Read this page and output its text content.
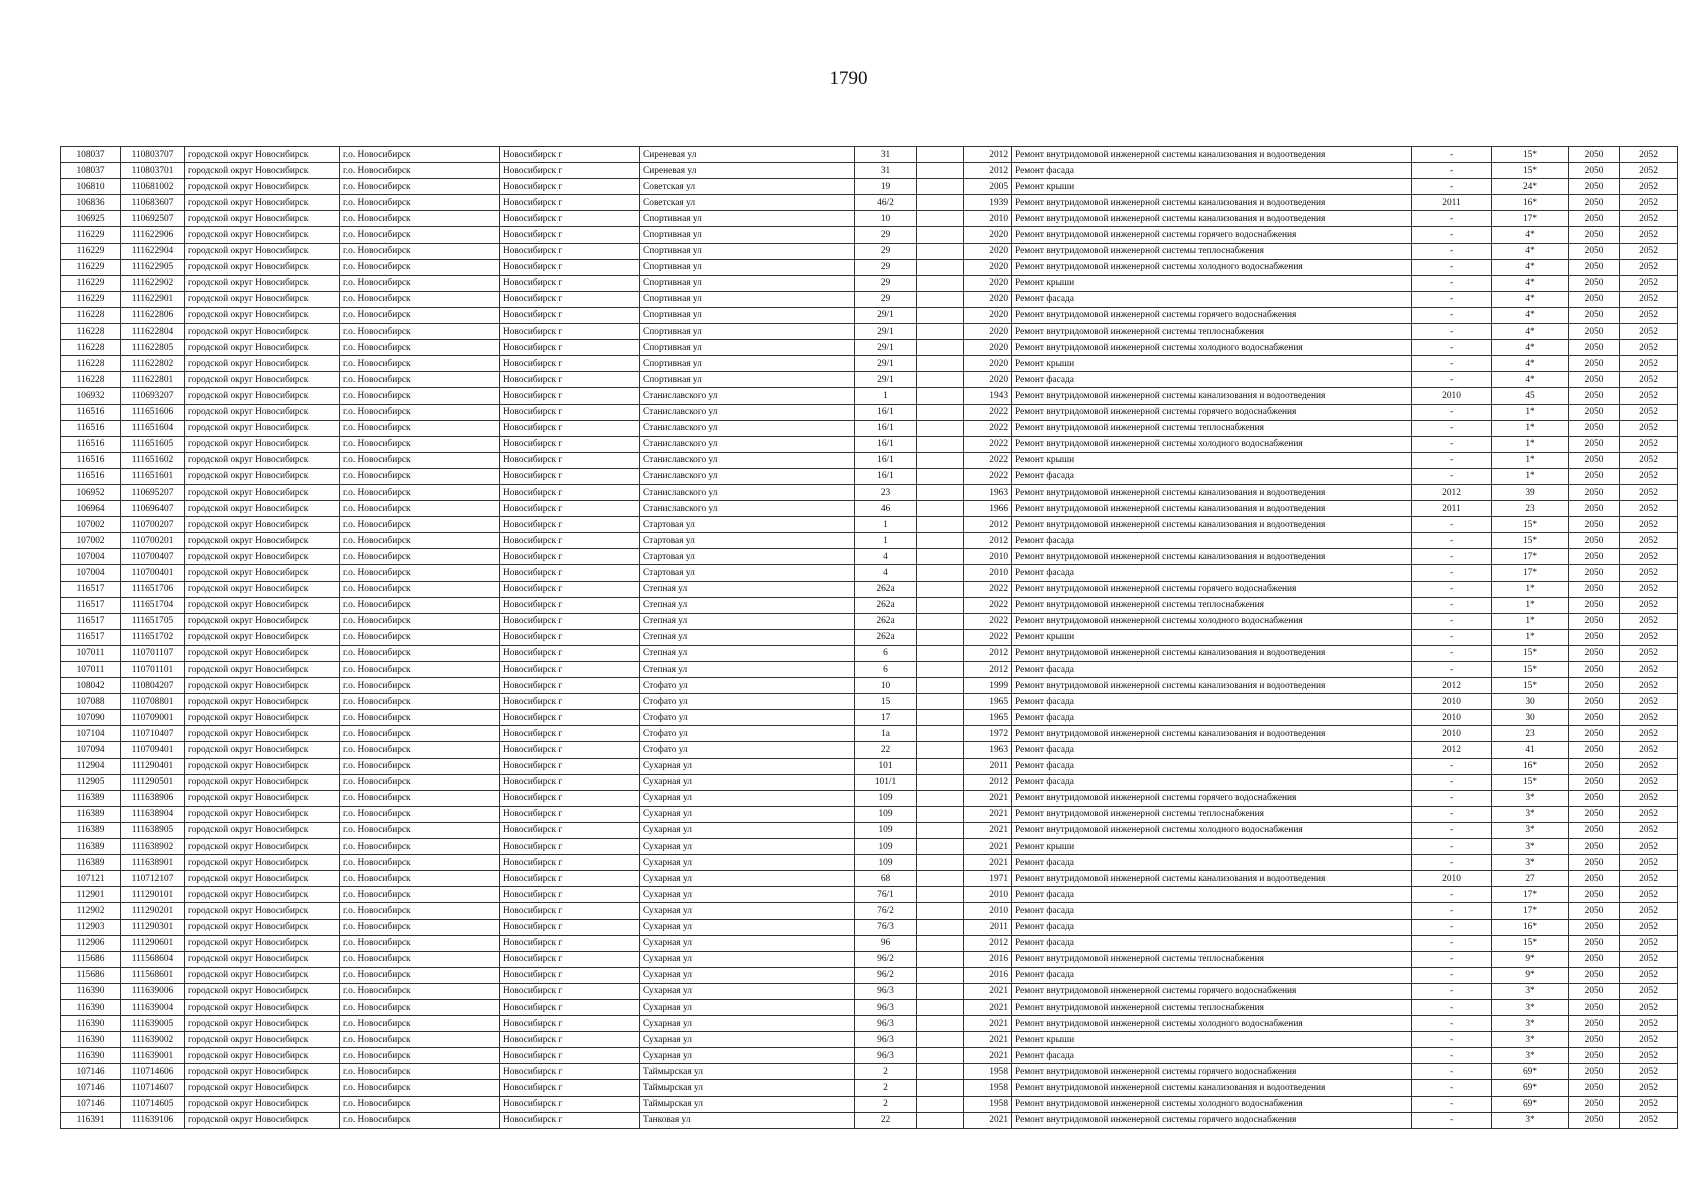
1790
108037	110803707	городской округ Новосибирск	г.о. Новосибирск	Новосибирск г	Сиреневая ул	31		2012	Ремонт внутридомовой инженерной системы канализования и водоотведения	-	15*	2050	2052
108037	110803701	городской округ Новосибирск	г.о. Новосибирск	Новосибирск г	Сиреневая ул	31		2012	Ремонт фасада	-	15*	2050	2052
106810	110681002	городской округ Новосибирск	г.о. Новосибирск	Новосибирск г	Советская ул	19		2005	Ремонт крыши	-	24*	2050	2052
106836	110683607	городской округ Новосибирск	г.о. Новосибирск	Новосибирск г	Советская ул	46/2		1939	Ремонт внутридомовой инженерной системы канализования и водоотведения	2011	16*	2050	2052
106925	110692507	городской округ Новосибирск	г.о. Новосибирск	Новосибирск г	Спортивная ул	10		2010	Ремонт внутридомовой инженерной системы канализования и водоотведения	-	17*	2050	2052
116229	111622906	городской округ Новосибирск	г.о. Новосибирск	Новосибирск г	Спортивная ул	29		2020	Ремонт внутридомовой инженерной системы горячего водоснабжения	-	4*	2050	2052
116229	111622904	городской округ Новосибирск	г.о. Новосибирск	Новосибирск г	Спортивная ул	29		2020	Ремонт внутридомовой инженерной системы теплоснабжения	-	4*	2050	2052
116229	111622905	городской округ Новосибирск	г.о. Новосибирск	Новосибирск г	Спортивная ул	29		2020	Ремонт внутридомовой инженерной системы холодного водоснабжения	-	4*	2050	2052
116229	111622902	городской округ Новосибирск	г.о. Новосибирск	Новосибирск г	Спортивная ул	29		2020	Ремонт крыши	-	4*	2050	2052
116229	111622901	городской округ Новосибирск	г.о. Новосибирск	Новосибирск г	Спортивная ул	29		2020	Ремонт фасада	-	4*	2050	2052
116228	111622806	городской округ Новосибирск	г.о. Новосибирск	Новосибирск г	Спортивная ул	29/1		2020	Ремонт внутридомовой инженерной системы горячего водоснабжения	-	4*	2050	2052
116228	111622804	городской округ Новосибирск	г.о. Новосибирск	Новосибирск г	Спортивная ул	29/1		2020	Ремонт внутридомовой инженерной системы теплоснабжения	-	4*	2050	2052
116228	111622805	городской округ Новосибирск	г.о. Новосибирск	Новосибирск г	Спортивная ул	29/1		2020	Ремонт внутридомовой инженерной системы холодного водоснабжения	-	4*	2050	2052
116228	111622802	городской округ Новосибирск	г.о. Новосибирск	Новосибирск г	Спортивная ул	29/1		2020	Ремонт крыши	-	4*	2050	2052
116228	111622801	городской округ Новосибирск	г.о. Новосибирск	Новосибирск г	Спортивная ул	29/1		2020	Ремонт фасада	-	4*	2050	2052
106932	110693207	городской округ Новосибирск	г.о. Новосибирск	Новосибирск г	Станиславского ул	1		1943	Ремонт внутридомовой инженерной системы канализования и водоотведения	2010	45	2050	2052
116516	111651606	городской округ Новосибирск	г.о. Новосибирск	Новосибирск г	Станиславского ул	16/1		2022	Ремонт внутридомовой инженерной системы горячего водоснабжения	-	1*	2050	2052
116516	111651604	городской округ Новосибирск	г.о. Новосибирск	Новосибирск г	Станиславского ул	16/1		2022	Ремонт внутридомовой инженерной системы теплоснабжения	-	1*	2050	2052
116516	111651605	городской округ Новосибирск	г.о. Новосибирск	Новосибирск г	Станиславского ул	16/1		2022	Ремонт внутридомовой инженерной системы холодного водоснабжения	-	1*	2050	2052
116516	111651602	городской округ Новосибирск	г.о. Новосибирск	Новосибирск г	Станиславского ул	16/1		2022	Ремонт крыши	-	1*	2050	2052
116516	111651601	городской округ Новосибирск	г.о. Новосибирск	Новосибирск г	Станиславского ул	16/1		2022	Ремонт фасада	-	1*	2050	2052
106952	110695207	городской округ Новосибирск	г.о. Новосибирск	Новосибирск г	Станиславского ул	23		1963	Ремонт внутридомовой инженерной системы канализования и водоотведения	2012	39	2050	2052
106964	110696407	городской округ Новосибирск	г.о. Новосибирск	Новосибирск г	Станиславского ул	46		1966	Ремонт внутридомовой инженерной системы канализования и водоотведения	2011	23	2050	2052
107002	110700207	городской округ Новосибирск	г.о. Новосибирск	Новосибирск г	Стартовая ул	1		2012	Ремонт внутридомовой инженерной системы канализования и водоотведения	-	15*	2050	2052
107002	110700201	городской округ Новосибирск	г.о. Новосибирск	Новосибирск г	Стартовая ул	1		2012	Ремонт фасада	-	15*	2050	2052
107004	110700407	городской округ Новосибирск	г.о. Новосибирск	Новосибирск г	Стартовая ул	4		2010	Ремонт внутридомовой инженерной системы канализования и водоотведения	-	17*	2050	2052
107004	110700401	городской округ Новосибирск	г.о. Новосибирск	Новосибирск г	Стартовая ул	4		2010	Ремонт фасада	-	17*	2050	2052
116517	111651706	городской округ Новосибирск	г.о. Новосибирск	Новосибирск г	Степная ул	262а		2022	Ремонт внутридомовой инженерной системы горячего водоснабжения	-	1*	2050	2052
116517	111651704	городской округ Новосибирск	г.о. Новосибирск	Новосибирск г	Степная ул	262а		2022	Ремонт внутридомовой инженерной системы теплоснабжения	-	1*	2050	2052
116517	111651705	городской округ Новосибирск	г.о. Новосибирск	Новосибирск г	Степная ул	262а		2022	Ремонт внутридомовой инженерной системы холодного водоснабжения	-	1*	2050	2052
116517	111651702	городской округ Новосибирск	г.о. Новосибирск	Новосибирск г	Степная ул	262а		2022	Ремонт крыши	-	1*	2050	2052
107011	110701107	городской округ Новосибирск	г.о. Новосибирск	Новосибирск г	Степная ул	6		2012	Ремонт внутридомовой инженерной системы канализования и водоотведения	-	15*	2050	2052
107011	110701101	городской округ Новосибирск	г.о. Новосибирск	Новосибирск г	Степная ул	6		2012	Ремонт фасада	-	15*	2050	2052
108042	110804207	городской округ Новосибирск	г.о. Новосибирск	Новосибирск г	Стофато ул	10		1999	Ремонт внутридомовой инженерной системы канализования и водоотведения	2012	15*	2050	2052
107088	110708801	городской округ Новосибирск	г.о. Новосибирск	Новосибирск г	Стофато ул	15		1965	Ремонт фасада	2010	30	2050	2052
107090	110709001	городской округ Новосибирск	г.о. Новосибирск	Новосибирск г	Стофато ул	17		1965	Ремонт фасада	2010	30	2050	2052
107104	110710407	городской округ Новосибирск	г.о. Новосибирск	Новосибирск г	Стофато ул	1а		1972	Ремонт внутридомовой инженерной системы канализования и водоотведения	2010	23	2050	2052
107094	110709401	городской округ Новосибирск	г.о. Новосибирск	Новосибирск г	Стофато ул	22		1963	Ремонт фасада	2012	41	2050	2052
112904	111290401	городской округ Новосибирск	г.о. Новосибирск	Новосибирск г	Сухарная ул	101		2011	Ремонт фасада	-	16*	2050	2052
112905	111290501	городской округ Новосибирск	г.о. Новосибирск	Новосибирск г	Сухарная ул	101/1		2012	Ремонт фасада	-	15*	2050	2052
116389	111638906	городской округ Новосибирск	г.о. Новосибирск	Новосибирск г	Сухарная ул	109		2021	Ремонт внутридомовой инженерной системы горячего водоснабжения	-	3*	2050	2052
116389	111638904	городской округ Новосибирск	г.о. Новосибирск	Новосибирск г	Сухарная ул	109		2021	Ремонт внутридомовой инженерной системы теплоснабжения	-	3*	2050	2052
116389	111638905	городской округ Новосибирск	г.о. Новосибирск	Новосибирск г	Сухарная ул	109		2021	Ремонт внутридомовой инженерной системы холодного водоснабжения	-	3*	2050	2052
116389	111638902	городской округ Новосибирск	г.о. Новосибирск	Новосибирск г	Сухарная ул	109		2021	Ремонт крыши	-	3*	2050	2052
116389	111638901	городской округ Новосибирск	г.о. Новосибирск	Новосибирск г	Сухарная ул	109		2021	Ремонт фасада	-	3*	2050	2052
107121	110712107	городской округ Новосибирск	г.о. Новосибирск	Новосибирск г	Сухарная ул	68		1971	Ремонт внутридомовой инженерной системы канализования и водоотведения	2010	27	2050	2052
112901	111290101	городской округ Новосибирск	г.о. Новосибирск	Новосибирск г	Сухарная ул	76/1		2010	Ремонт фасада	-	17*	2050	2052
112902	111290201	городской округ Новосибирск	г.о. Новосибирск	Новосибирск г	Сухарная ул	76/2		2010	Ремонт фасада	-	17*	2050	2052
112903	111290301	городской округ Новосибирск	г.о. Новосибирск	Новосибирск г	Сухарная ул	76/3		2011	Ремонт фасада	-	16*	2050	2052
112906	111290601	городской округ Новосибирск	г.о. Новосибирск	Новосибирск г	Сухарная ул	96		2012	Ремонт фасада	-	15*	2050	2052
115686	111568604	городской округ Новосибирск	г.о. Новосибирск	Новосибирск г	Сухарная ул	96/2		2016	Ремонт внутридомовой инженерной системы теплоснабжения	-	9*	2050	2052
115686	111568601	городской округ Новосибирск	г.о. Новосибирск	Новосибирск г	Сухарная ул	96/2		2016	Ремонт фасада	-	9*	2050	2052
116390	111639006	городской округ Новосибирск	г.о. Новосибирск	Новосибирск г	Сухарная ул	96/3		2021	Ремонт внутридомовой инженерной системы горячего водоснабжения	-	3*	2050	2052
116390	111639004	городской округ Новосибирск	г.о. Новосибирск	Новосибирск г	Сухарная ул	96/3		2021	Ремонт внутридомовой инженерной системы теплоснабжения	-	3*	2050	2052
116390	111639005	городской округ Новосибирск	г.о. Новосибирск	Новосибирск г	Сухарная ул	96/3		2021	Ремонт внутридомовой инженерной системы холодного водоснабжения	-	3*	2050	2052
116390	111639002	городской округ Новосибирск	г.о. Новосибирск	Новосибирск г	Сухарная ул	96/3		2021	Ремонт крыши	-	3*	2050	2052
116390	111639001	городской округ Новосибирск	г.о. Новосибирск	Новосибирск г	Сухарная ул	96/3		2021	Ремонт фасада	-	3*	2050	2052
107146	110714606	городской округ Новосибирск	г.о. Новосибирск	Новосибирск г	Таймырская ул	2		1958	Ремонт внутридомовой инженерной системы горячего водоснабжения	-	69*	2050	2052
107146	110714607	городской округ Новосибирск	г.о. Новосибирск	Новосибирск г	Таймырская ул	2		1958	Ремонт внутридомовой инженерной системы канализования и водоотведения	-	69*	2050	2052
107146	110714605	городской округ Новосибирск	г.о. Новосибирск	Новосибирск г	Таймырская ул	2		1958	Ремонт внутридомовой инженерной системы холодного водоснабжения	-	69*	2050	2052
116391	111639106	городской округ Новосибирск	г.о. Новосибирск	Новосибирск г	Танковая ул	22		2021	Ремонт внутридомовой инженерной системы горячего водоснабжения	-	3*	2050	2052
